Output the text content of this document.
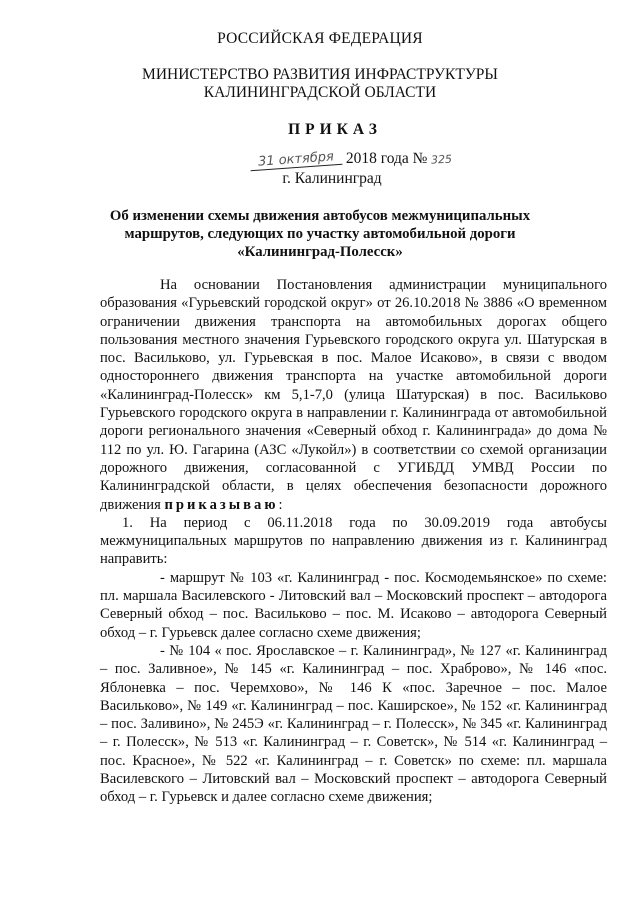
РОССИЙСКАЯ ФЕДЕРАЦИЯ
МИНИСТЕРСТВО РАЗВИТИЯ ИНФРАСТРУКТУРЫ
КАЛИНИНГРАДСКОЙ ОБЛАСТИ
ПРИКАЗ
31 октября 2018 года № 325
г. Калининград
Об изменении схемы движения автобусов межмуниципальных
маршрутов, следующих по участку автомобильной дороги
«Калининград-Полесск»

На основании Постановления администрации муниципального образования «Гурьевский городской округ» от 26.10.2018 № 3886 «О временном ограничении движения транспорта на автомобильных дорогах общего пользования местного значения Гурьевского городского округа ул. Шатурская в пос. Васильково, ул. Гурьевская в пос. Малое Исаково», в связи с вводом одностороннего движения транспорта на участке автомобильной дороги «Калининград-Полесск» км 5,1-7,0 (улица Шатурская) в пос. Васильково Гурьевского городского округа в направлении г. Калининграда от автомобильной дороги регионального значения «Северный обход г. Калининграда» до дома № 112 по ул. Ю. Гагарина (АЗС «Лукойл») в соответствии со схемой организации дорожного движения, согласованной с УГИБДД УМВД России по Калининградской области, в целях обеспечения безопасности дорожного движения приказываю:

1. На период с 06.11.2018 года по 30.09.2019 года автобусы межмуниципальных маршрутов по направлению движения из г. Калининград направить:

- маршрут № 103 «г. Калининград - пос. Космодемьянское» по схеме: пл. маршала Василевского - Литовский вал – Московский проспект – автодорога Северный обход – пос. Васильково – пос. М. Исаково – автодорога Северный обход – г. Гурьевск далее согласно схеме движения;

- № 104 « пос. Ярославское – г. Калининград», № 127 «г. Калининград – пос. Заливное», № 145 «г. Калининград – пос. Храброво», № 146 «пос. Яблоневка – пос. Черемхово», № 146 К «пос. Заречное – пос. Малое Васильково», № 149 «г. Калининград – пос. Каширское», № 152 «г. Калининград – пос. Заливино», № 245Э «г. Калининград – г. Полесск», № 345 «г. Калининград – г. Полесск», № 513 «г. Калининград – г. Советск», № 514 «г. Калининград – пос. Красное», № 522 «г. Калининград – г. Советск» по схеме: пл. маршала Василевского – Литовский вал – Московский проспект – автодорога Северный обход – г. Гурьевск и далее согласно схеме движения;
